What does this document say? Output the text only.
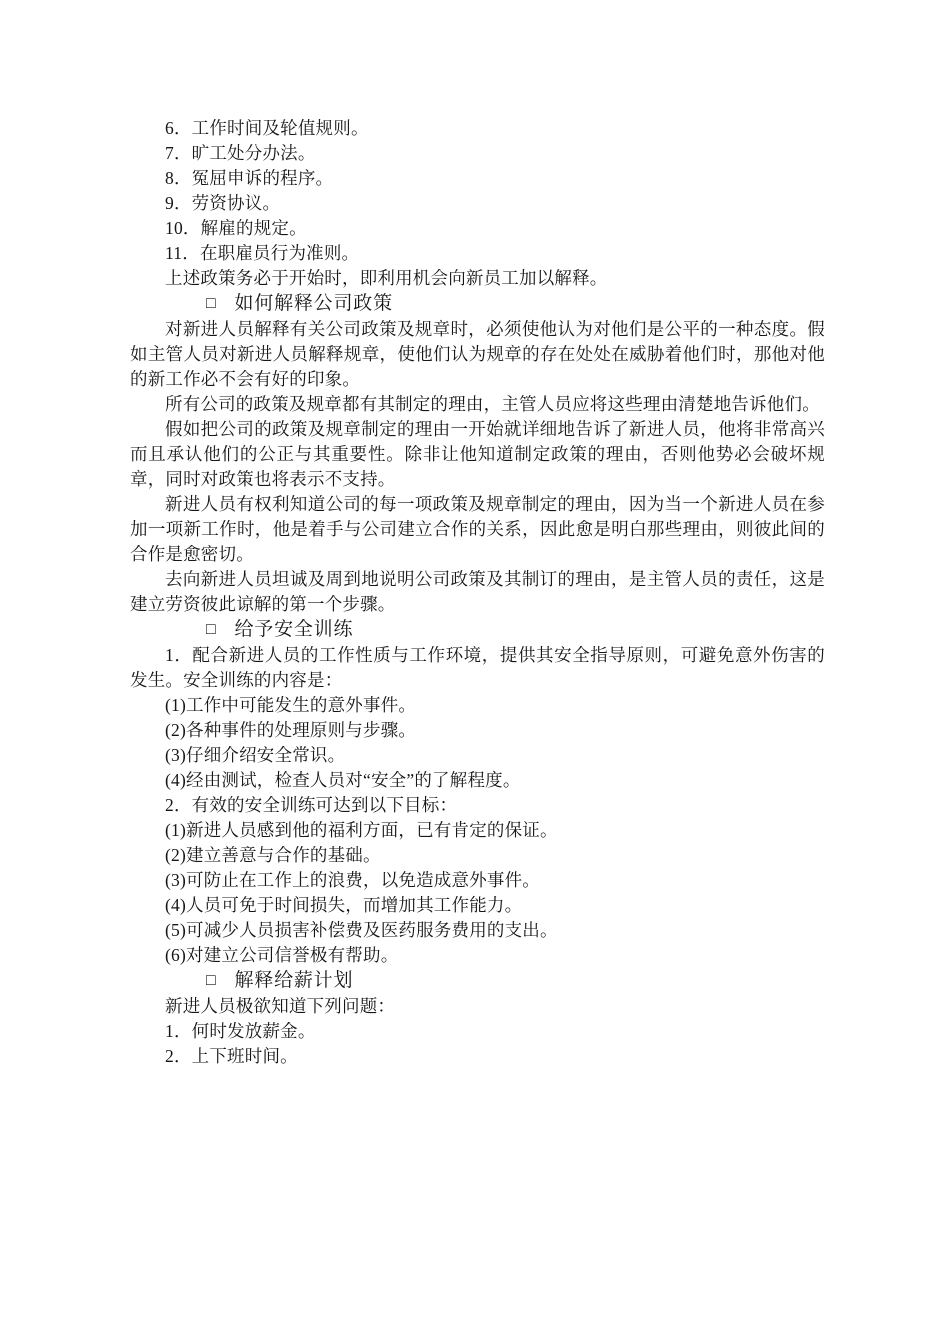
6．工作时间及轮值规则。

7．旷工处分办法。

8．冤屈申诉的程序。

9．劳资协议。

10．解雇的规定。

11．在职雇员行为准则。

上述政策务必于开始时，即利用机会向新员工加以解释。

□ 如何解释公司政策

对新进人员解释有关公司政策及规章时，必须使他认为对他们是公平的一种态度。假如主管人员对新进人员解释规章，使他们认为规章的存在处处在威胁着他们时，那他对他的新工作必不会有好的印象。

所有公司的政策及规章都有其制定的理由，主管人员应将这些理由清楚地告诉他们。

假如把公司的政策及规章制定的理由一开始就详细地告诉了新进人员，他将非常高兴而且承认他们的公正与其重要性。除非让他知道制定政策的理由，否则他势必会破坏规章，同时对政策也将表示不支持。

新进人员有权利知道公司的每一项政策及规章制定的理由，因为当一个新进人员在参加一项新工作时，他是着手与公司建立合作的关系，因此愈是明白那些理由，则彼此间的合作是愈密切。

去向新进人员坦诚及周到地说明公司政策及其制订的理由，是主管人员的责任，这是建立劳资彼此谅解的第一个步骤。

□ 给予安全训练

1．配合新进人员的工作性质与工作环境，提供其安全指导原则，可避免意外伤害的发生。安全训练的内容是：

(1)工作中可能发生的意外事件。

(2)各种事件的处理原则与步骤。

(3)仔细介绍安全常识。

(4)经由测试，检查人员对“安全”的了解程度。

2．有效的安全训练可达到以下目标：

(1)新进人员感到他的福利方面，已有肯定的保证。

(2)建立善意与合作的基础。

(3)可防止在工作上的浪费，以免造成意外事件。

(4)人员可免于时间损失，而增加其工作能力。

(5)可减少人员损害补偿费及医药服务费用的支出。

(6)对建立公司信誉极有帮助。

□ 解释给薪计划

新进人员极欲知道下列问题：

1．何时发放薪金。

2．上下班时间。
